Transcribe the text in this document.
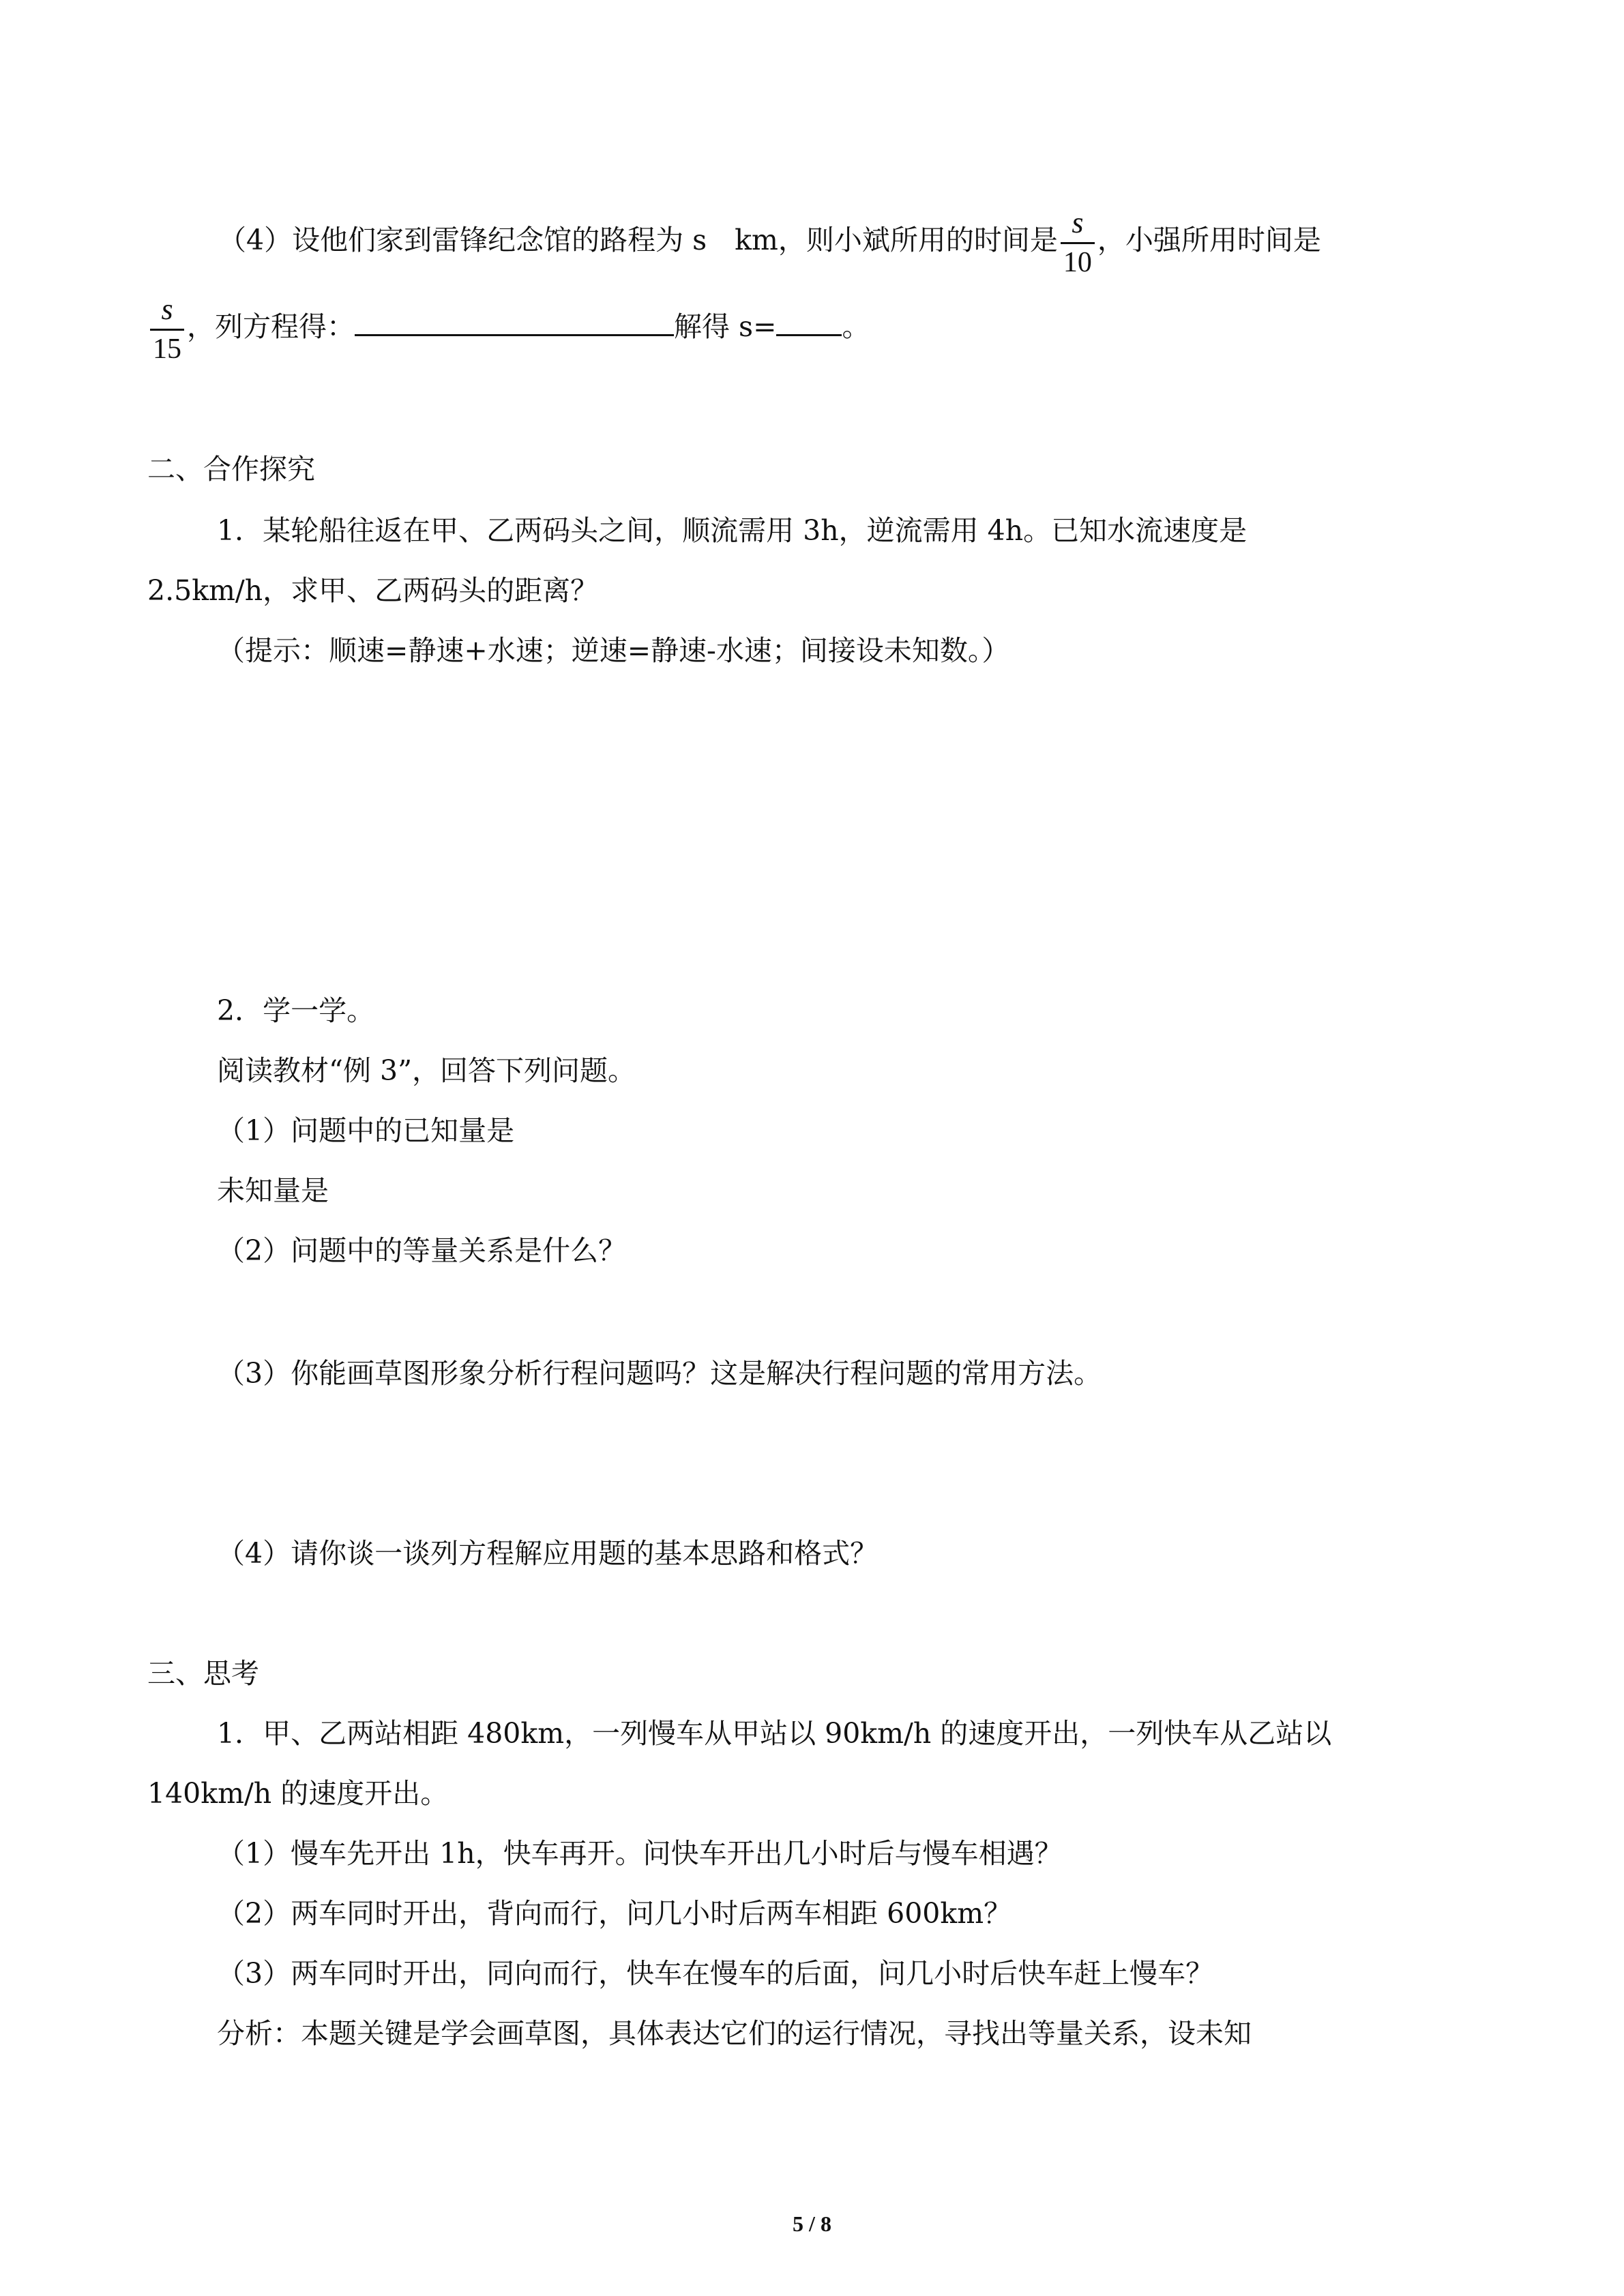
（4）设他们家到雷锋纪念馆的路程为 s　km，则小斌所用的时间是 $\frac{s}{10}$ ，小强所用时间是
$\frac{s}{15}$ ，列方程得：	解得 s= 。
二、合作探究
1．某轮船往返在甲、乙两码头之间，顺流需用 3h，逆流需用 4h。已知水流速度是
2.5km/h，求甲、乙两码头的距离？
（提示：顺速=静速+水速；逆速=静速-水速；间接设未知数。）
2．学一学。
阅读教材“例 3”，回答下列问题。
（1）问题中的已知量是
未知量是
（2）问题中的等量关系是什么？
（3）你能画草图形象分析行程问题吗？这是解决行程问题的常用方法。
（4）请你谈一谈列方程解应用题的基本思路和格式？
三、思考
1．甲、乙两站相距 480km，一列慢车从甲站以 90km/h 的速度开出，一列快车从乙站以
140km/h 的速度开出。
（1）慢车先开出 1h，快车再开。问快车开出几小时后与慢车相遇？
（2）两车同时开出，背向而行，问几小时后两车相距 600km？
（3）两车同时开出，同向而行，快车在慢车的后面，问几小时后快车赶上慢车？
分析：本题关键是学会画草图，具体表达它们的运行情况，寻找出等量关系，设未知
5 / 8
